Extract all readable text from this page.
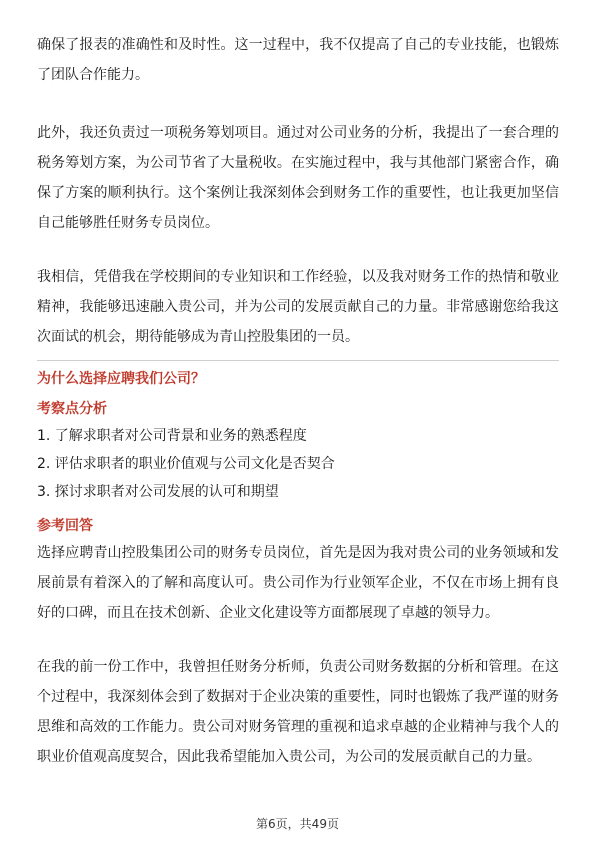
确保了报表的准确性和及时性。这一过程中，我不仅提高了自己的专业技能，也锻炼了团队合作能力。

此外，我还负责过一项税务筹划项目。通过对公司业务的分析，我提出了一套合理的税务筹划方案，为公司节省了大量税收。在实施过程中，我与其他部门紧密合作，确保了方案的顺利执行。这个案例让我深刻体会到财务工作的重要性，也让我更加坚信自己能够胜任财务专员岗位。

我相信，凭借我在学校期间的专业知识和工作经验，以及我对财务工作的热情和敬业精神，我能够迅速融入贵公司，并为公司的发展贡献自己的力量。非常感谢您给我这次面试的机会，期待能够成为青山控股集团的一员。

为什么选择应聘我们公司？
考察点分析
1. 了解求职者对公司背景和业务的熟悉程度
2. 评估求职者的职业价值观与公司文化是否契合
3. 探讨求职者对公司发展的认可和期望
参考回答

选择应聘青山控股集团公司的财务专员岗位，首先是因为我对贵公司的业务领域和发展前景有着深入的了解和高度认可。贵公司作为行业领军企业，不仅在市场上拥有良好的口碑，而且在技术创新、企业文化建设等方面都展现了卓越的领导力。

在我的前一份工作中，我曾担任财务分析师，负责公司财务数据的分析和管理。在这个过程中，我深刻体会到了数据对于企业决策的重要性，同时也锻炼了我严谨的财务思维和高效的工作能力。贵公司对财务管理的重视和追求卓越的企业精神与我个人的职业价值观高度契合，因此我希望能加入贵公司，为公司的发展贡献自己的力量。

第6页，共49页
